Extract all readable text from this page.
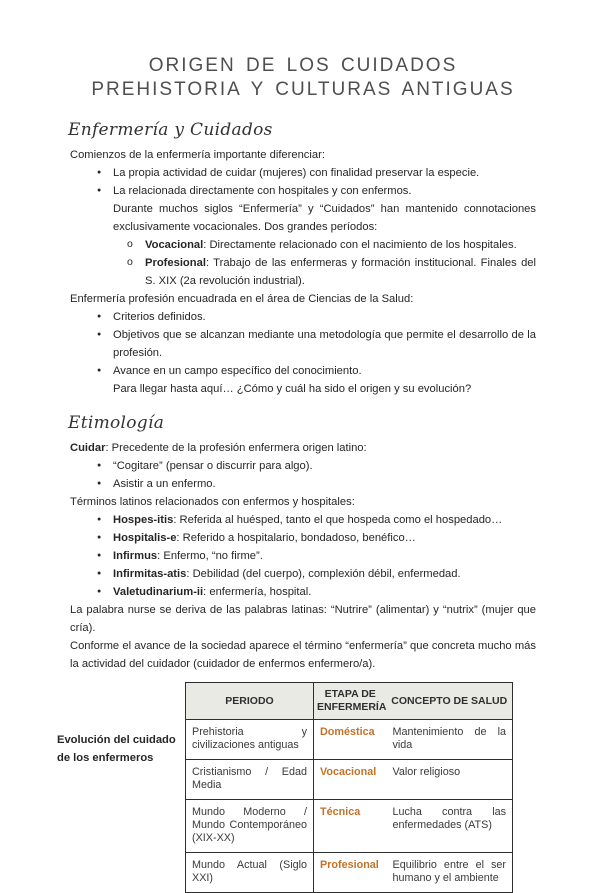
ORIGEN DE LOS CUIDADOS
PREHISTORIA Y CULTURAS ANTIGUAS
Enfermería y Cuidados
Comienzos de la enfermería importante diferenciar:
●	La propia actividad de cuidar (mujeres) con finalidad preservar la especie.
●	La relacionada directamente con hospitales y con enfermos.
Durante muchos siglos “Enfermería” y “Cuidados” han mantenido connotaciones exclusivamente vocacionales. Dos grandes períodos:
o	Vocacional: Directamente relacionado con el nacimiento de los hospitales.
o	Profesional: Trabajo de las enfermeras y formación institucional. Finales del S. XIX (2a revolución industrial).
Enfermería profesión encuadrada en el área de Ciencias de la Salud:
●	Criterios definidos.
●	Objetivos que se alcanzan mediante una metodología que permite el desarrollo de la profesión.
●	Avance en un campo específico del conocimiento.
Para llegar hasta aquí… ¿Cómo y cuál ha sido el origen y su evolución?
Etimología
Cuidar: Precedente de la profesión enfermera origen latino:
●	“Cogitare” (pensar o discurrir para algo).
●	Asistir a un enfermo.
Términos latinos relacionados con enfermos y hospitales:
●	Hospes-itis: Referida al huésped, tanto el que hospeda como el hospedado…
●	Hospitalis-e: Referido a hospitalario, bondadoso, benéfico…
●	Infirmus: Enfermo, “no firme”.
●	Infirmitas-atis: Debilidad (del cuerpo), complexión débil, enfermedad.
●	Valetudinarium-ii: enfermería, hospital.
La palabra nurse se deriva de las palabras latinas: “Nutrire” (alimentar) y “nutrix” (mujer que cría).
Conforme el avance de la sociedad aparece el término “enfermería” que concreta mucho más la actividad del cuidador (cuidador de enfermos enfermero/a).
Evolución del cuidado de los enfermeros
PERIODO	ETAPA DE ENFERMERÍA	CONCEPTO DE SALUD
Prehistoria y civilizaciones antiguas	Doméstica	Mantenimiento de la vida
Cristianismo / Edad Media	Vocacional	Valor religioso
Mundo Moderno / Mundo Contemporáneo (XIX-XX)	Técnica	Lucha contra las enfermedades (ATS)
Mundo Actual (Siglo XXI)	Profesional	Equilibrio entre el ser humano y el ambiente
